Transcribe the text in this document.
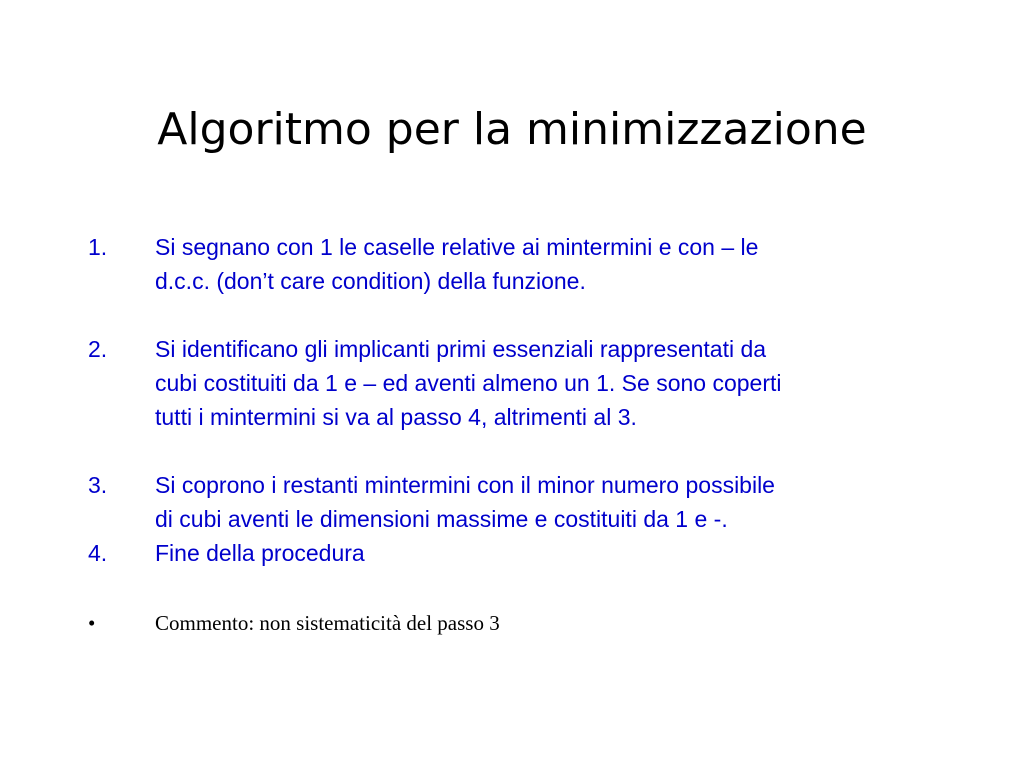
Algoritmo per la minimizzazione
1. Si segnano con 1 le caselle relative ai mintermini e con – le
d.c.c. (don’t care condition) della funzione.
2. Si identificano gli implicanti primi essenziali rappresentati da
cubi costituiti da 1 e – ed aventi almeno un 1. Se sono coperti
tutti i mintermini si va al passo 4, altrimenti al 3.
3. Si coprono i restanti mintermini con il minor numero possibile
di cubi aventi le dimensioni massime e costituiti da 1 e -.
4. Fine della procedura
•	Commento: non sistematicità del passo 3
